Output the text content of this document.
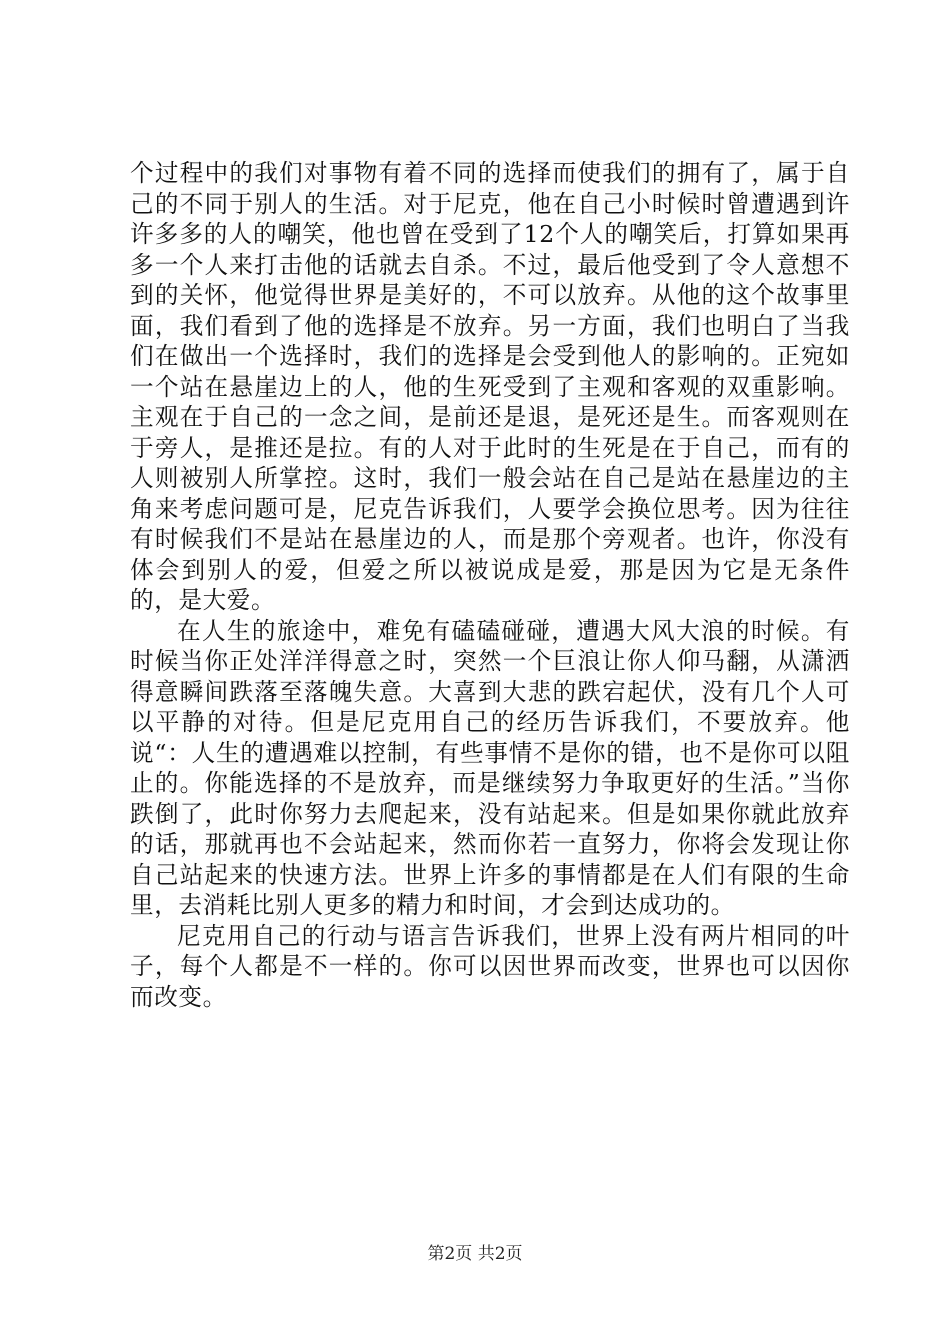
个过程中的我们对事物有着不同的选择而使我们的拥有了，属于自己的不同于别人的生活。对于尼克，他在自己小时候时曾遭遇到许许多多的人的嘲笑，他也曾在受到了12个人的嘲笑后，打算如果再多一个人来打击他的话就去自杀。不过，最后他受到了令人意想不到的关怀，他觉得世界是美好的，不可以放弃。从他的这个故事里面，我们看到了他的选择是不放弃。另一方面，我们也明白了当我们在做出一个选择时，我们的选择是会受到他人的影响的。正宛如一个站在悬崖边上的人，他的生死受到了主观和客观的双重影响。主观在于自己的一念之间，是前还是退，是死还是生。而客观则在于旁人，是推还是拉。有的人对于此时的生死是在于自己，而有的人则被别人所掌控。这时，我们一般会站在自己是站在悬崖边的主角来考虑问题可是，尼克告诉我们，人要学会换位思考。因为往往有时候我们不是站在悬崖边的人，而是那个旁观者。也许，你没有体会到别人的爱，但爱之所以被说成是爱，那是因为它是无条件的，是大爱。

在人生的旅途中，难免有磕磕碰碰，遭遇大风大浪的时候。有时候当你正处洋洋得意之时，突然一个巨浪让你人仰马翻，从潇洒得意瞬间跌落至落魄失意。大喜到大悲的跌宕起伏，没有几个人可以平静的对待。但是尼克用自己的经历告诉我们，不要放弃。他说“：人生的遭遇难以控制，有些事情不是你的错，也不是你可以阻止的。你能选择的不是放弃，而是继续努力争取更好的生活。”当你跌倒了，此时你努力去爬起来，没有站起来。但是如果你就此放弃的话，那就再也不会站起来，然而你若一直努力，你将会发现让你自己站起来的快速方法。世界上许多的事情都是在人们有限的生命里，去消耗比别人更多的精力和时间，才会到达成功的。

尼克用自己的行动与语言告诉我们，世界上没有两片相同的叶子，每个人都是不一样的。你可以因世界而改变，世界也可以因你而改变。

第2页 共2页
